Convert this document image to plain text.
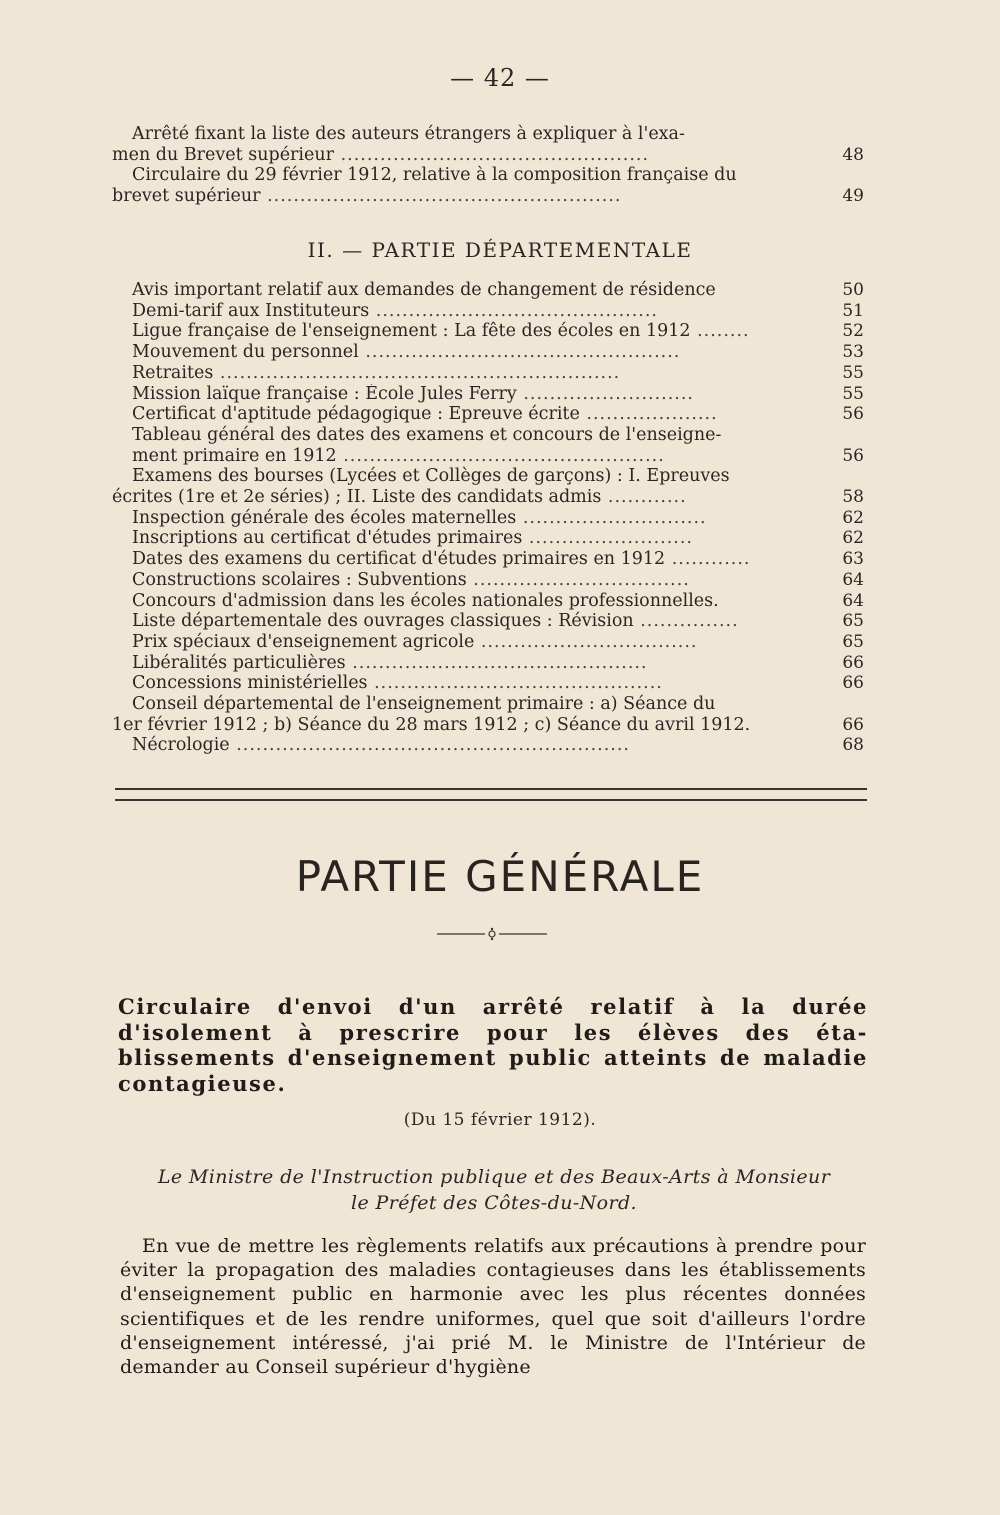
— 42 —
Arrêté fixant la liste des auteurs étrangers à expliquer à l'exa-
men du Brevet supérieur ...............................................	48
Circulaire du 29 février 1912, relative à la composition française du
brevet supérieur ......................................................	49
II. — PARTIE DÉPARTEMENTALE
Avis important relatif aux demandes de changement de résidence	50
Demi-tarif aux Instituteurs ...........................................	51
Ligue française de l'enseignement : La fête des écoles en 1912 ........	52
Mouvement du personnel ................................................	53
Retraites .............................................................	55
Mission laïque française : École Jules Ferry ..........................	55
Certificat d'aptitude pédagogique : Epreuve écrite ....................	56
Tableau général des dates des examens et concours de l'enseigne-
ment primaire en 1912 .................................................	56
Examens des bourses (Lycées et Collèges de garçons) : I. Epreuves
écrites (1re et 2e séries) ; II. Liste des candidats admis ............	58
Inspection générale des écoles maternelles ............................	62
Inscriptions au certificat d'études primaires .........................	62
Dates des examens du certificat d'études primaires en 1912 ............	63
Constructions scolaires : Subventions .................................	64
Concours d'admission dans les écoles nationales professionnelles.	64
Liste départementale des ouvrages classiques : Révision ...............	65
Prix spéciaux d'enseignement agricole .................................	65
Libéralités particulières .............................................	66
Concessions ministérielles ............................................	66
Conseil départemental de l'enseignement primaire : a) Séance du
1er février 1912 ; b) Séance du 28 mars 1912 ; c) Séance du avril 1912.	66
Nécrologie ............................................................	68
PARTIE GÉNÉRALE
Circulaire d'envoi d'un arrêté relatif à la durée d'isolement à prescrire pour les élèves des éta-blissements d'enseignement public atteints de maladie contagieuse.
(Du 15 février 1912).
Le Ministre de l'Instruction publique et des Beaux-Arts à Monsieur
le Préfet des Côtes-du-Nord.
En vue de mettre les règlements relatifs aux précautions à prendre pour éviter la propagation des maladies contagieuses dans les établissements d'enseignement public en harmonie avec les plus récentes données scientifiques et de les rendre uniformes, quel que soit d'ailleurs l'ordre d'enseignement intéressé, j'ai prié M. le Ministre de l'Intérieur de demander au Conseil supérieur d'hygiène
